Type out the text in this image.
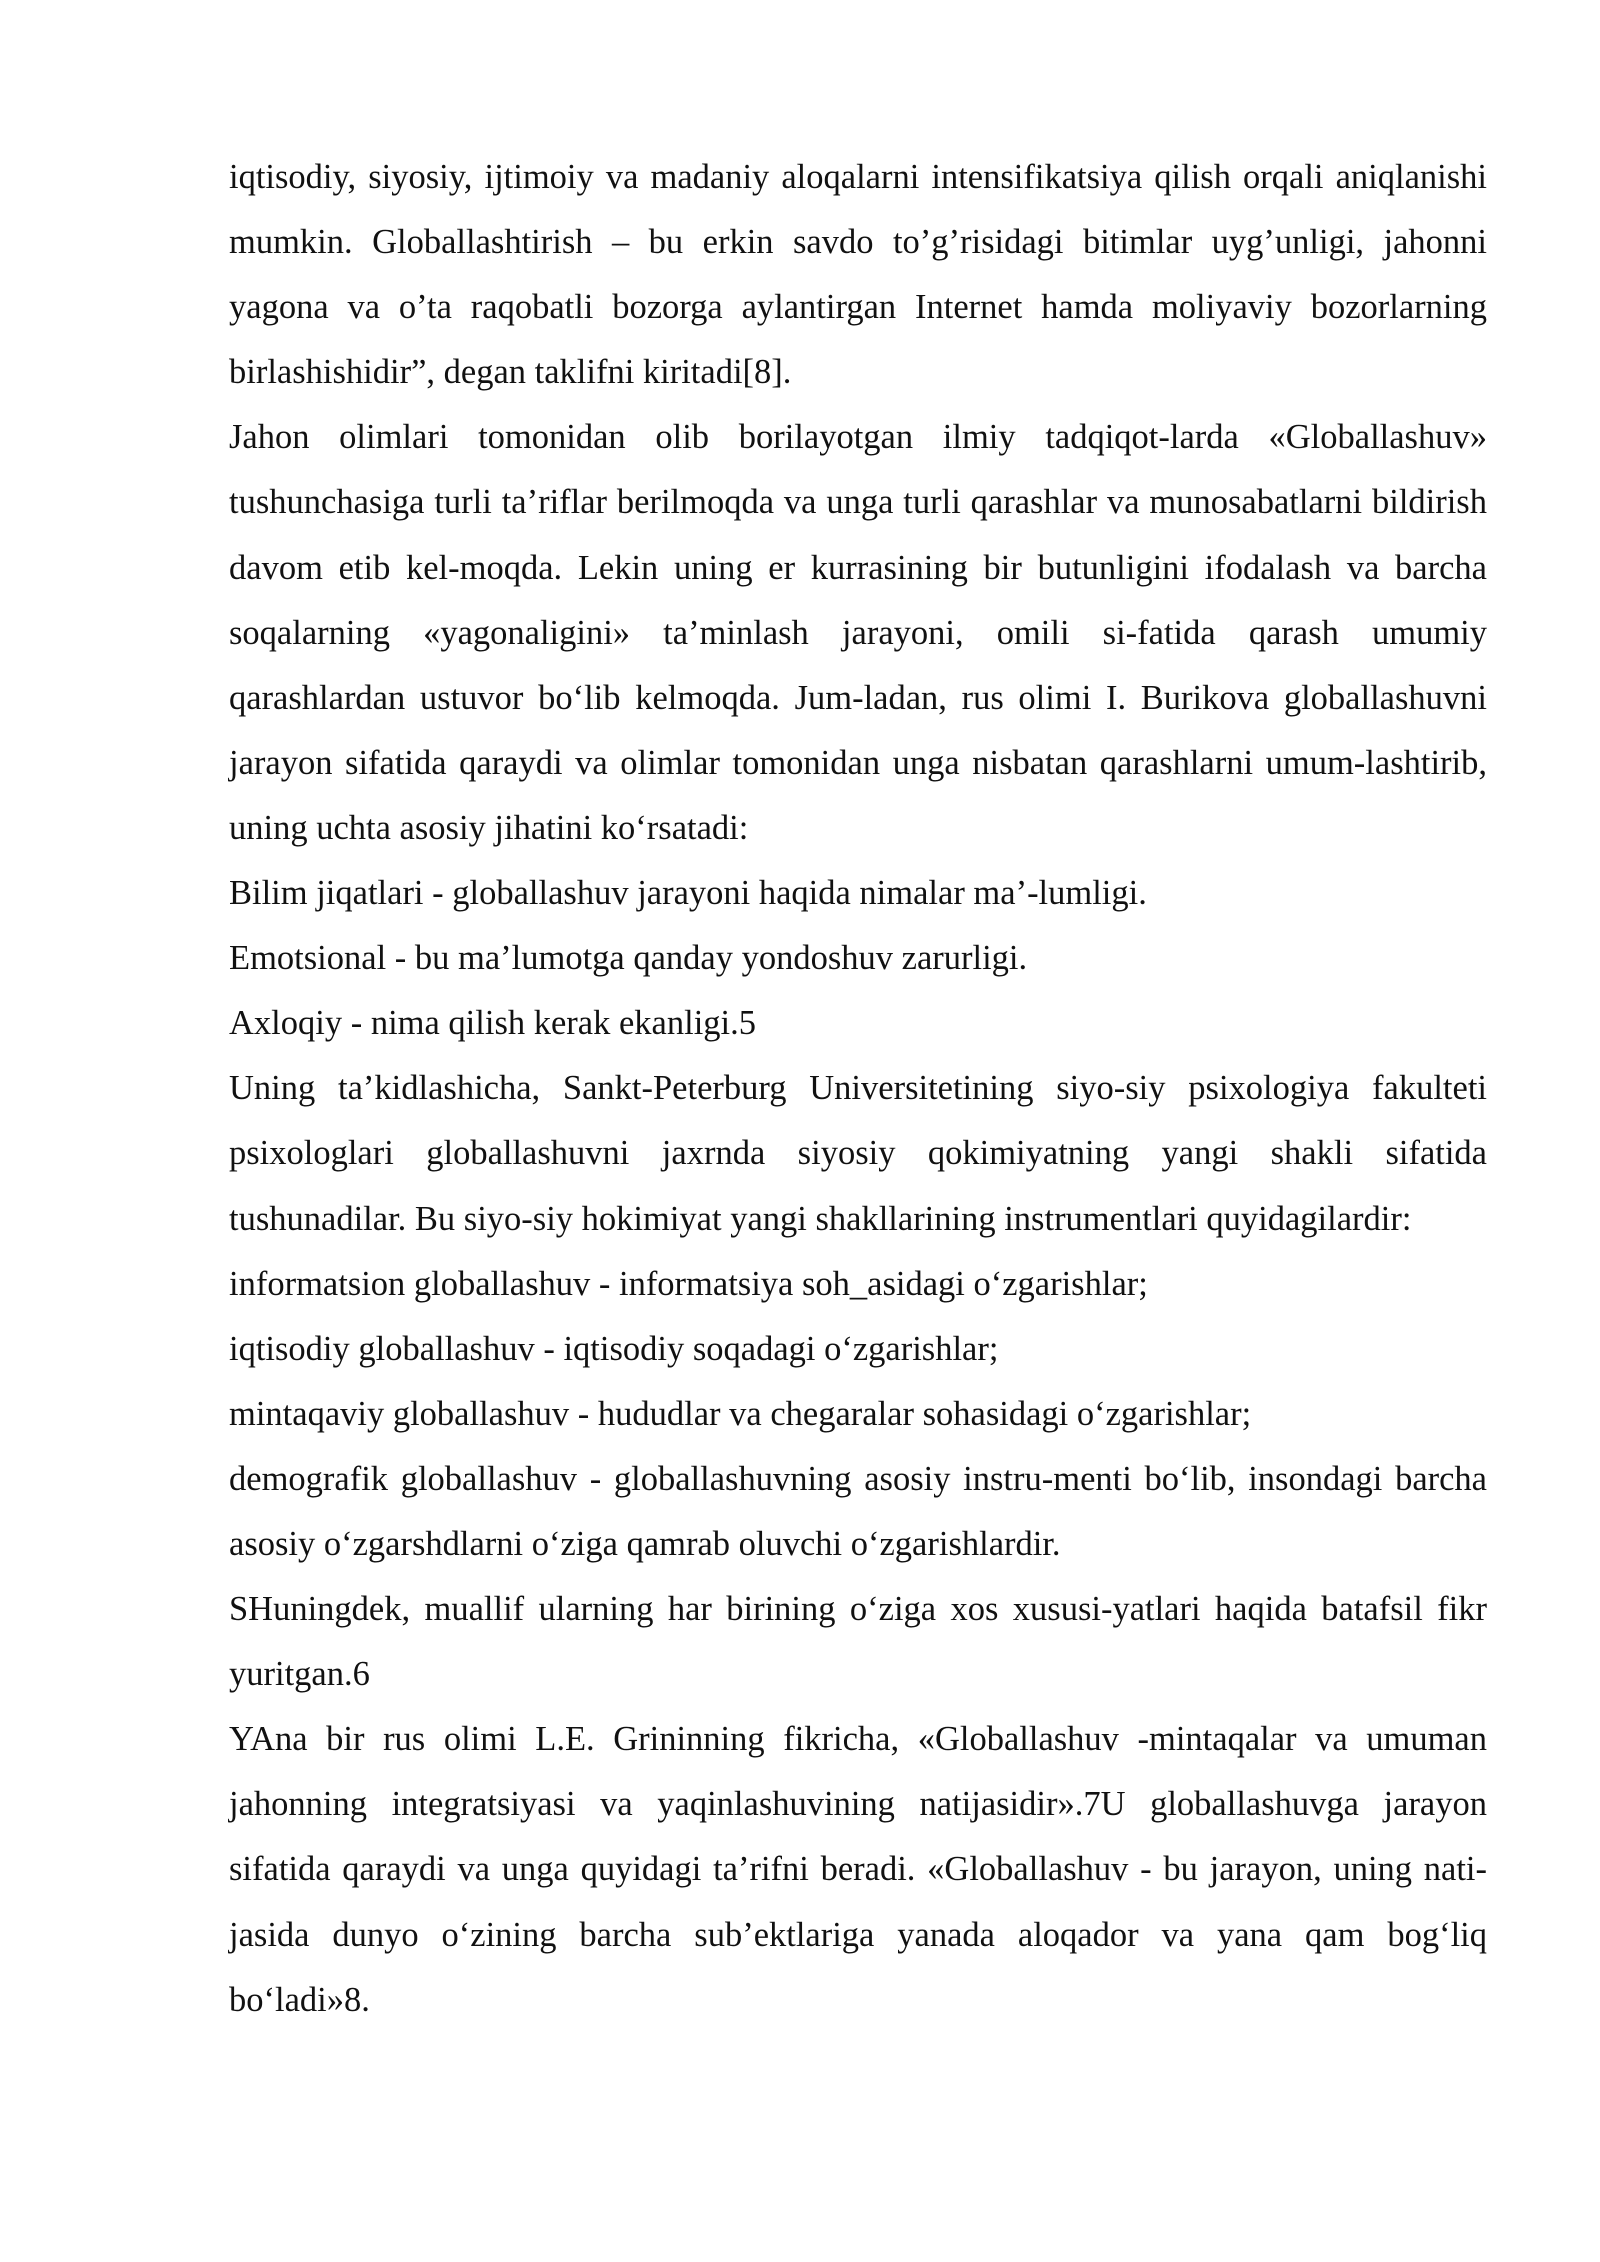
iqtisodiy, siyosiy, ijtimoiy va madaniy aloqalarni intensifikatsiya qilish orqali aniqlanishi mumkin. Globallashtirish – bu erkin savdo to’g’risidagi bitimlar uyg’unligi, jahonni yagona va o’ta raqobatli bozorga aylantirgan Internet hamda moliyaviy bozorlarning birlashishidir”, degan taklifni kiritadi[8].

Jahon olimlari tomonidan olib borilayotgan ilmiy tadqiqot-larda «Globallashuv» tushunchasiga turli ta’riflar berilmoqda va unga turli qarashlar va munosabatlarni bildirish davom etib kel-moqda. Lekin uning er kurrasining bir butunligini ifodalash va barcha soqalarning «yagonaligini» ta’minlash jarayoni, omili si-fatida qarash umumiy qarashlardan ustuvor bo‘lib kelmoqda. Jum-ladan, rus olimi I. Burikova globallashuvni jarayon sifatida qaraydi va olimlar tomonidan unga nisbatan qarashlarni umum-lashtirib, uning uchta asosiy jihatini ko‘rsatadi:

Bilim jiqatlari - globallashuv jarayoni haqida nimalar ma’-lumligi.

Emotsional - bu ma’lumotga qanday yondoshuv zarurligi.

Axloqiy - nima qilish kerak ekanligi.5

Uning ta’kidlashicha, Sankt-Peterburg Universitetining siyo-siy psixologiya fakulteti psixologlari globallashuvni jaxrnda siyosiy qokimiyatning yangi shakli sifatida tushunadilar. Bu siyo-siy hokimiyat yangi shakllarining instrumentlari quyidagilardir:

informatsion globallashuv - informatsiya soh_asidagi o‘zgarishlar;

iqtisodiy globallashuv - iqtisodiy soqadagi o‘zgarishlar;

mintaqaviy globallashuv - hududlar va chegaralar sohasidagi o‘zgarishlar;

demografik globallashuv - globallashuvning asosiy instru-menti bo‘lib, insondagi barcha asosiy o‘zgarshdlarni o‘ziga qamrab oluvchi o‘zgarishlardir.

SHuningdek, muallif ularning har birining o‘ziga xos xususi-yatlari haqida batafsil fikr yuritgan.6

YAna bir rus olimi L.E. Grininning fikricha, «Globallashuv -mintaqalar va umuman jahonning integratsiyasi va yaqinlashuvining natijasidir».7U globallashuvga jarayon sifatida qaraydi va unga quyidagi ta’rifni beradi. «Globallashuv - bu jarayon, uning nati-jasida dunyo o‘zining barcha sub’ektlariga yanada aloqador va yana qam bog‘liq bo‘ladi»8.
